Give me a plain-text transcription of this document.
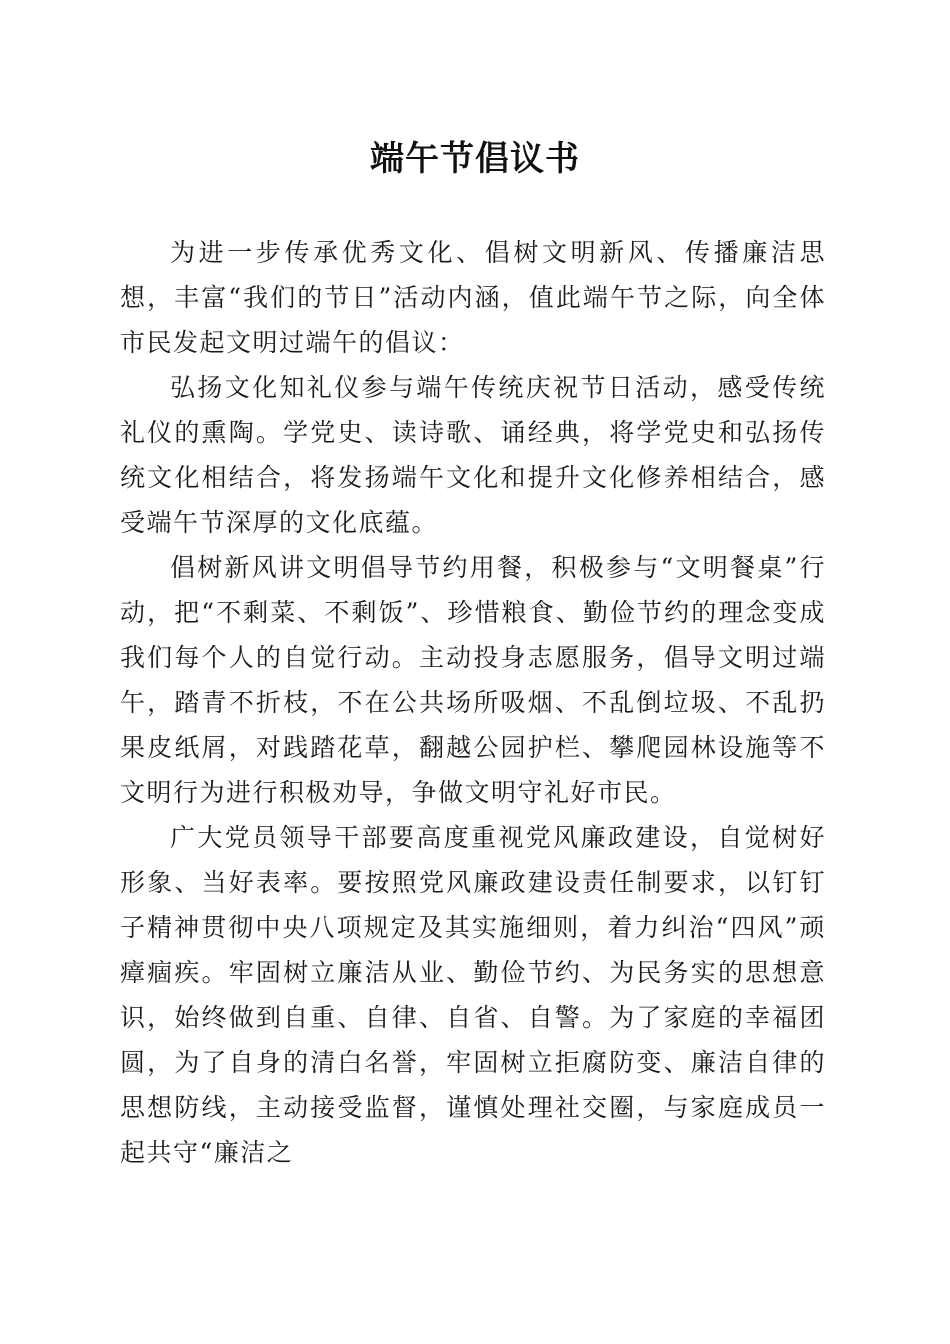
端午节倡议书

为进一步传承优秀文化、倡树文明新风、传播廉洁思想，丰富“我们的节日”活动内涵，值此端午节之际，向全体市民发起文明过端午的倡议：

弘扬文化知礼仪参与端午传统庆祝节日活动，感受传统礼仪的熏陶。学党史、读诗歌、诵经典，将学党史和弘扬传统文化相结合，将发扬端午文化和提升文化修养相结合，感受端午节深厚的文化底蕴。

倡树新风讲文明倡导节约用餐，积极参与“文明餐桌”行动，把“不剩菜、不剩饭”、珍惜粮食、勤俭节约的理念变成我们每个人的自觉行动。主动投身志愿服务，倡导文明过端午，踏青不折枝，不在公共场所吸烟、不乱倒垃圾、不乱扔果皮纸屑，对践踏花草，翻越公园护栏、攀爬园林设施等不文明行为进行积极劝导，争做文明守礼好市民。

广大党员领导干部要高度重视党风廉政建设，自觉树好形象、当好表率。要按照党风廉政建设责任制要求，以钉钉子精神贯彻中央八项规定及其实施细则，着力纠治“四风”顽瘴痼疾。牢固树立廉洁从业、勤俭节约、为民务实的思想意识，始终做到自重、自律、自省、自警。为了家庭的幸福团圆，为了自身的清白名誉，牢固树立拒腐防变、廉洁自律的思想防线，主动接受监督，谨慎处理社交圈，与家庭成员一起共守“廉洁之
